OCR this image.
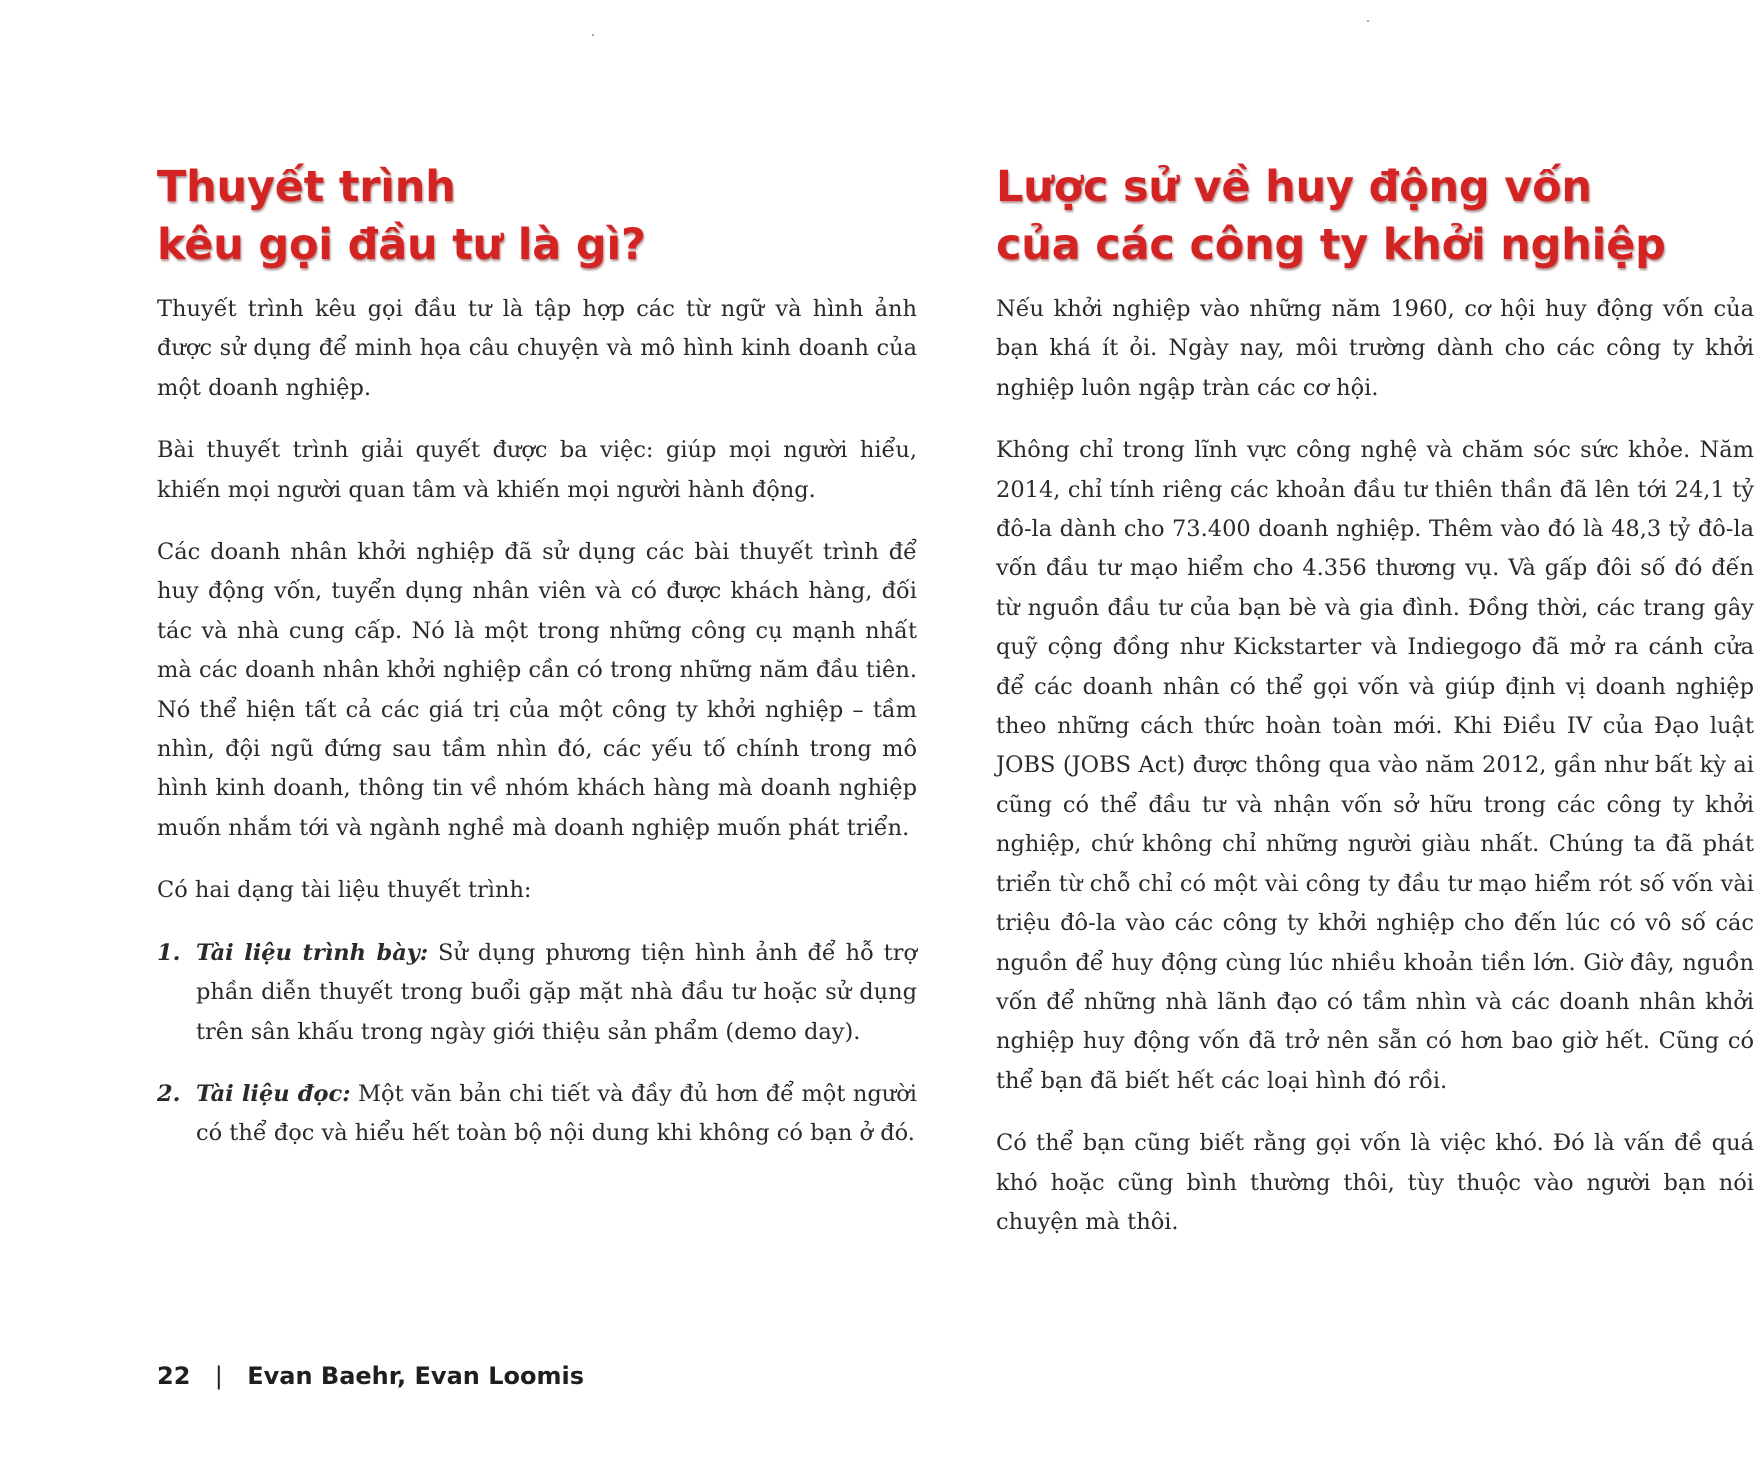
Thuyết trình
kêu gọi đầu tư là gì?

Thuyết trình kêu gọi đầu tư là tập hợp các từ ngữ và hình ảnh được sử dụng để minh họa câu chuyện và mô hình kinh doanh của một doanh nghiệp.

Bài thuyết trình giải quyết được ba việc: giúp mọi người hiểu, khiến mọi người quan tâm và khiến mọi người hành động.

Các doanh nhân khởi nghiệp đã sử dụng các bài thuyết trình để huy động vốn, tuyển dụng nhân viên và có được khách hàng, đối tác và nhà cung cấp. Nó là một trong những công cụ mạnh nhất mà các doanh nhân khởi nghiệp cần có trong những năm đầu tiên. Nó thể hiện tất cả các giá trị của một công ty khởi nghiệp – tầm nhìn, đội ngũ đứng sau tầm nhìn đó, các yếu tố chính trong mô hình kinh doanh, thông tin về nhóm khách hàng mà doanh nghiệp muốn nhắm tới và ngành nghề mà doanh nghiệp muốn phát triển.

Có hai dạng tài liệu thuyết trình:

1. Tài liệu trình bày: Sử dụng phương tiện hình ảnh để hỗ trợ phần diễn thuyết trong buổi gặp mặt nhà đầu tư hoặc sử dụng trên sân khấu trong ngày giới thiệu sản phẩm (demo day).
2. Tài liệu đọc: Một văn bản chi tiết và đầy đủ hơn để một người có thể đọc và hiểu hết toàn bộ nội dung khi không có bạn ở đó.
Lược sử về huy động vốn
của các công ty khởi nghiệp

Nếu khởi nghiệp vào những năm 1960, cơ hội huy động vốn của bạn khá ít ỏi. Ngày nay, môi trường dành cho các công ty khởi nghiệp luôn ngập tràn các cơ hội.

Không chỉ trong lĩnh vực công nghệ và chăm sóc sức khỏe. Năm 2014, chỉ tính riêng các khoản đầu tư thiên thần đã lên tới 24,1 tỷ đô-la dành cho 73.400 doanh nghiệp. Thêm vào đó là 48,3 tỷ đô-la vốn đầu tư mạo hiểm cho 4.356 thương vụ. Và gấp đôi số đó đến từ nguồn đầu tư của bạn bè và gia đình. Đồng thời, các trang gây quỹ cộng đồng như Kickstarter và Indiegogo đã mở ra cánh cửa để các doanh nhân có thể gọi vốn và giúp định vị doanh nghiệp theo những cách thức hoàn toàn mới. Khi Điều IV của Đạo luật JOBS (JOBS Act) được thông qua vào năm 2012, gần như bất kỳ ai cũng có thể đầu tư và nhận vốn sở hữu trong các công ty khởi nghiệp, chứ không chỉ những người giàu nhất. Chúng ta đã phát triển từ chỗ chỉ có một vài công ty đầu tư mạo hiểm rót số vốn vài triệu đô-la vào các công ty khởi nghiệp cho đến lúc có vô số các nguồn để huy động cùng lúc nhiều khoản tiền lớn. Giờ đây, nguồn vốn để những nhà lãnh đạo có tầm nhìn và các doanh nhân khởi nghiệp huy động vốn đã trở nên sẵn có hơn bao giờ hết. Cũng có thể bạn đã biết hết các loại hình đó rồi.

Có thể bạn cũng biết rằng gọi vốn là việc khó. Đó là vấn đề quá khó hoặc cũng bình thường thôi, tùy thuộc vào người bạn nói chuyện mà thôi.

22 | Evan Baehr, Evan Loomis
